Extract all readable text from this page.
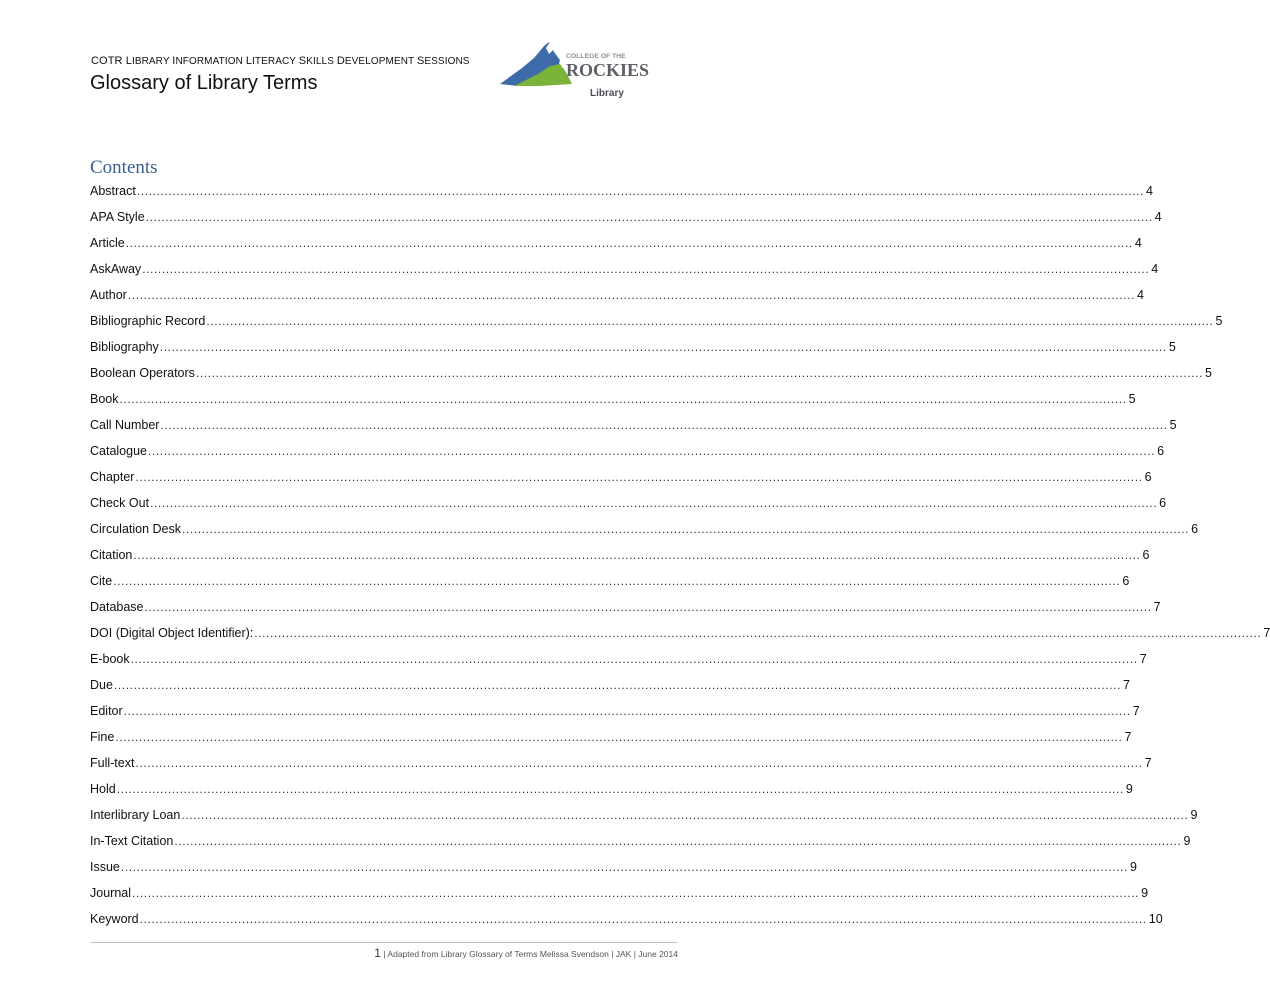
COTR LIBRARY INFORMATION LITERACY SKILLS DEVELOPMENT SESSIONS
Glossary of Library Terms
COLLEGE OF THE
ROCKIES
Library
Contents
Abstract .....	4
APA Style .....	4
Article .....	4
AskAway .....	4
Author .....	4
Bibliographic Record .....	5
Bibliography .....	5
Boolean Operators .....	5
Book .....	5
Call Number .....	5
Catalogue .....	6
Chapter .....	6
Check Out .....	6
Circulation Desk .....	6
Citation .....	6
Cite .....	6
Database .....	7
DOI (Digital Object Identifier): .....	7
E-book .....	7
Due .....	7
Editor .....	7
Fine .....	7
Full-text .....	7
Hold .....	9
Interlibrary Loan .....	9
In-Text Citation .....	9
Issue .....	9
Journal .....	9
Keyword .....	10
1 | Adapted from Library Glossary of Terms Melissa Svendson | JAK | June 2014
